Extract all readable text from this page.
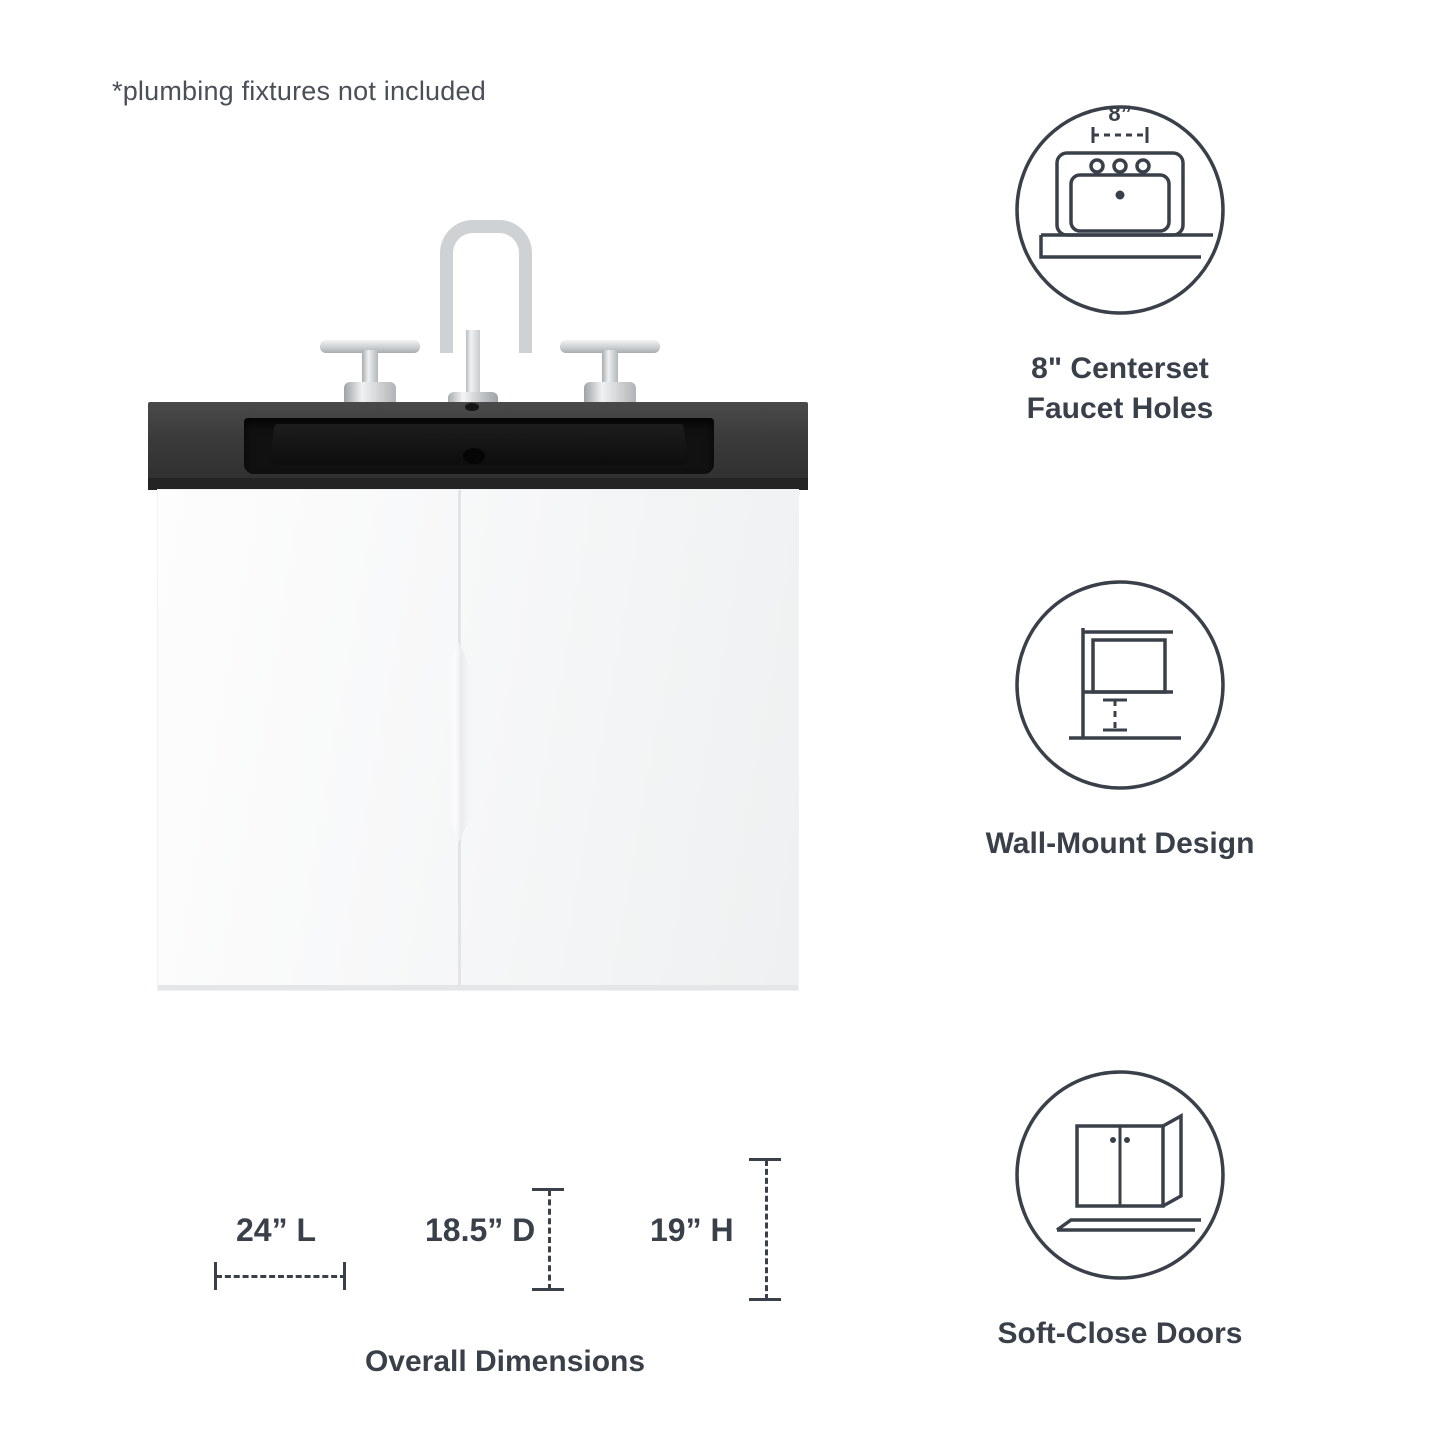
*plumbing fixtures not included
24” L	18.5” D	19” H
Overall Dimensions
8”
8" Centerset
Faucet Holes
Wall-Mount Design
Soft-Close Doors
